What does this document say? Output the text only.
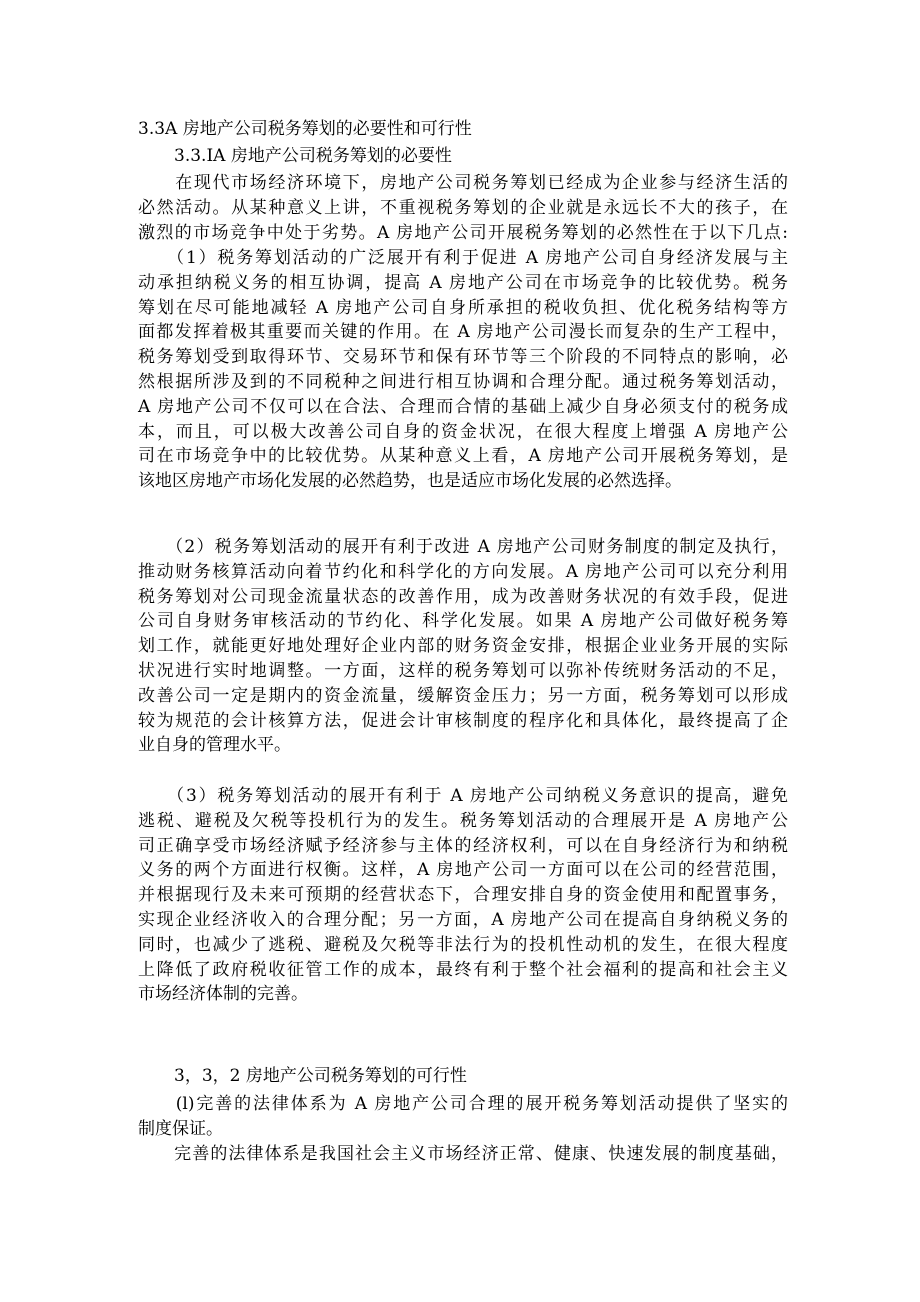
3.3A 房地产公司税务筹划的必要性和可行性
3.3.IA 房地产公司税务筹划的必要性
　　在现代市场经济环境下，房地产公司税务筹划已经成为企业参与经济生活的
必然活动。从某种意义上讲，不重视税务筹划的企业就是永远长不大的孩子，在
激烈的市场竞争中处于劣势。A 房地产公司开展税务筹划的必然性在于以下几点:
　　（1）税务筹划活动的广泛展开有利于促进 A 房地产公司自身经济发展与主
动承担纳税义务的相互协调，提高 A 房地产公司在市场竞争的比较优势。税务
筹划在尽可能地减轻 A 房地产公司自身所承担的税收负担、优化税务结构等方
面都发挥着极其重要而关键的作用。在 A 房地产公司漫长而复杂的生产工程中，
税务筹划受到取得环节、交易环节和保有环节等三个阶段的不同特点的影响，必
然根据所涉及到的不同税种之间进行相互协调和合理分配。通过税务筹划活动，
A 房地产公司不仅可以在合法、合理而合情的基础上减少自身必须支付的税务成
本，而且，可以极大改善公司自身的资金状况，在很大程度上增强 A 房地产公
司在市场竞争中的比较优势。从某种意义上看，A 房地产公司开展税务筹划，是
该地区房地产市场化发展的必然趋势，也是适应市场化发展的必然选择。
　　（2）税务筹划活动的展开有利于改进 A 房地产公司财务制度的制定及执行，
推动财务核算活动向着节约化和科学化的方向发展。A 房地产公司可以充分利用
税务筹划对公司现金流量状态的改善作用，成为改善财务状况的有效手段，促进
公司自身财务审核活动的节约化、科学化发展。如果 A 房地产公司做好税务筹
划工作，就能更好地处理好企业内部的财务资金安排，根据企业业务开展的实际
状况进行实时地调整。一方面，这样的税务筹划可以弥补传统财务活动的不足，
改善公司一定是期内的资金流量，缓解资金压力；另一方面，税务筹划可以形成
较为规范的会计核算方法，促进会计审核制度的程序化和具体化，最终提高了企
业自身的管理水平。
　　（3）税务筹划活动的展开有利于 A 房地产公司纳税义务意识的提高，避免
逃税、避税及欠税等投机行为的发生。税务筹划活动的合理展开是 A 房地产公
司正确享受市场经济赋予经济参与主体的经济权利，可以在自身经济行为和纳税
义务的两个方面进行权衡。这样，A 房地产公司一方面可以在公司的经营范围，
并根据现行及未来可预期的经营状态下，合理安排自身的资金使用和配置事务，
实现企业经济收入的合理分配；另一方面，A 房地产公司在提高自身纳税义务的
同时，也减少了逃税、避税及欠税等非法行为的投机性动机的发生，在很大程度
上降低了政府税收征管工作的成本，最终有利于整个社会福利的提高和社会主义
市场经济体制的完善。
3，3，2 房地产公司税务筹划的可行性
　　(l)完善的法律体系为 A 房地产公司合理的展开税务筹划活动提供了坚实的
制度保证。
　　完善的法律体系是我国社会主义市场经济正常、健康、快速发展的制度基础，
